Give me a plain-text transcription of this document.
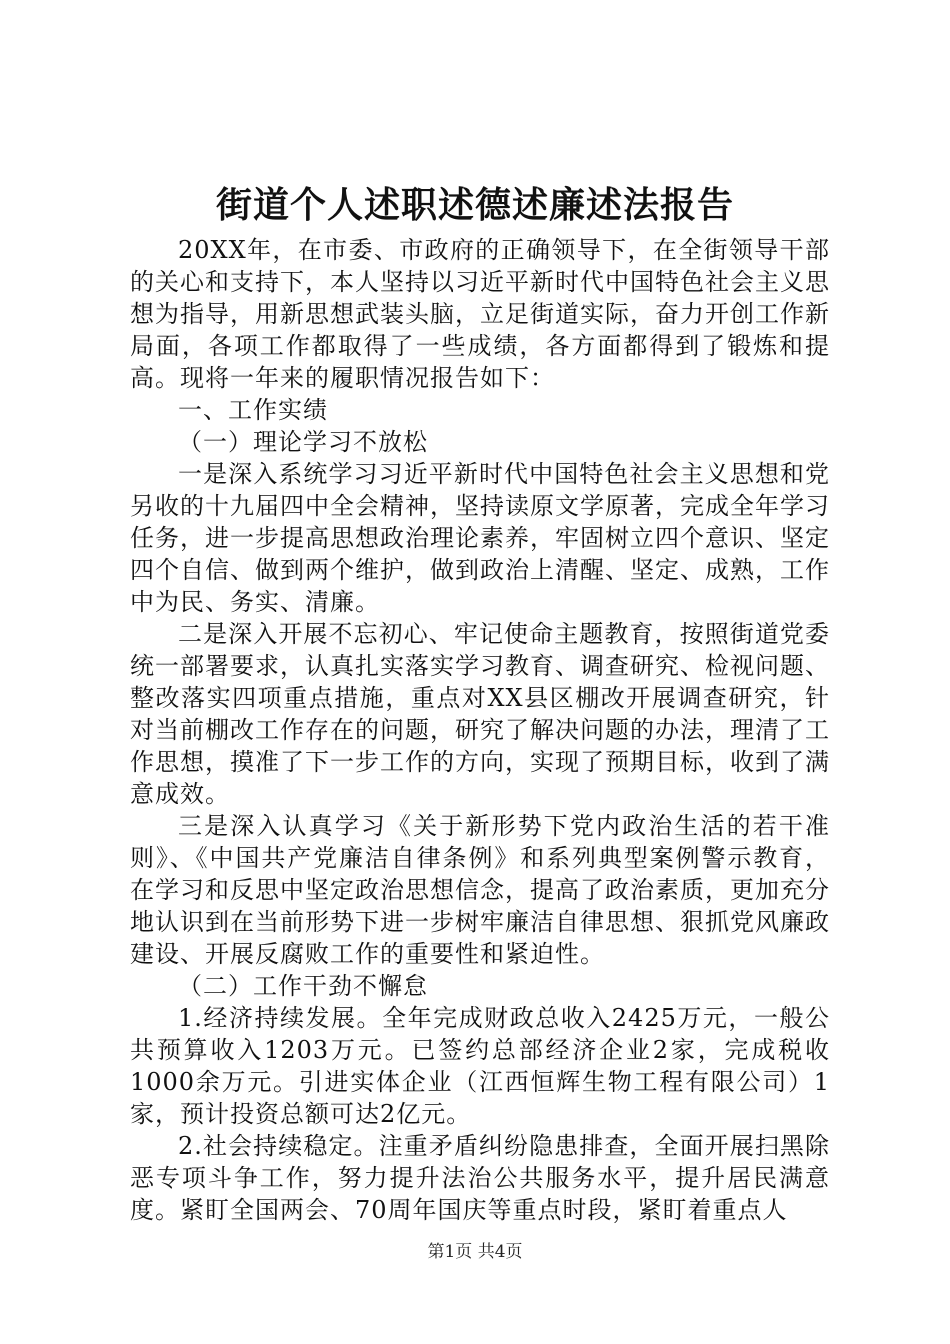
街道个人述职述德述廉述法报告

20XX年，在市委、市政府的正确领导下，在全街领导干部的关心和支持下，本人坚持以习近平新时代中国特色社会主义思想为指导，用新思想武装头脑，立足街道实际，奋力开创工作新局面，各项工作都取得了一些成绩，各方面都得到了锻炼和提高。现将一年来的履职情况报告如下：

一、工作实绩

（一）理论学习不放松

一是深入系统学习习近平新时代中国特色社会主义思想和党另收的十九届四中全会精神，坚持读原文学原著，完成全年学习任务，进一步提高思想政治理论素养，牢固树立四个意识、坚定四个自信、做到两个维护，做到政治上清醒、坚定、成熟，工作中为民、务实、清廉。

二是深入开展不忘初心、牢记使命主题教育，按照街道党委统一部署要求，认真扎实落实学习教育、调查研究、检视问题、整改落实四项重点措施，重点对XX县区棚改开展调查研究，针对当前棚改工作存在的问题，研究了解决问题的办法，理清了工作思想，摸准了下一步工作的方向，实现了预期目标，收到了满意成效。

三是深入认真学习《关于新形势下党内政治生活的若干准则》、《中国共产党廉洁自律条例》和系列典型案例警示教育，在学习和反思中坚定政治思想信念，提高了政治素质，更加充分地认识到在当前形势下进一步树牢廉洁自律思想、狠抓党风廉政建设、开展反腐败工作的重要性和紧迫性。

（二）工作干劲不懈怠

1.经济持续发展。全年完成财政总收入2425万元，一般公共预算收入1203万元。已签约总部经济企业2家，完成税收1000余万元。引进实体企业（江西恒辉生物工程有限公司）1家，预计投资总额可达2亿元。

2.社会持续稳定。注重矛盾纠纷隐患排查，全面开展扫黑除恶专项斗争工作，努力提升法治公共服务水平，提升居民满意度。紧盯全国两会、70周年国庆等重点时段，紧盯着重点人

第1页 共4页
